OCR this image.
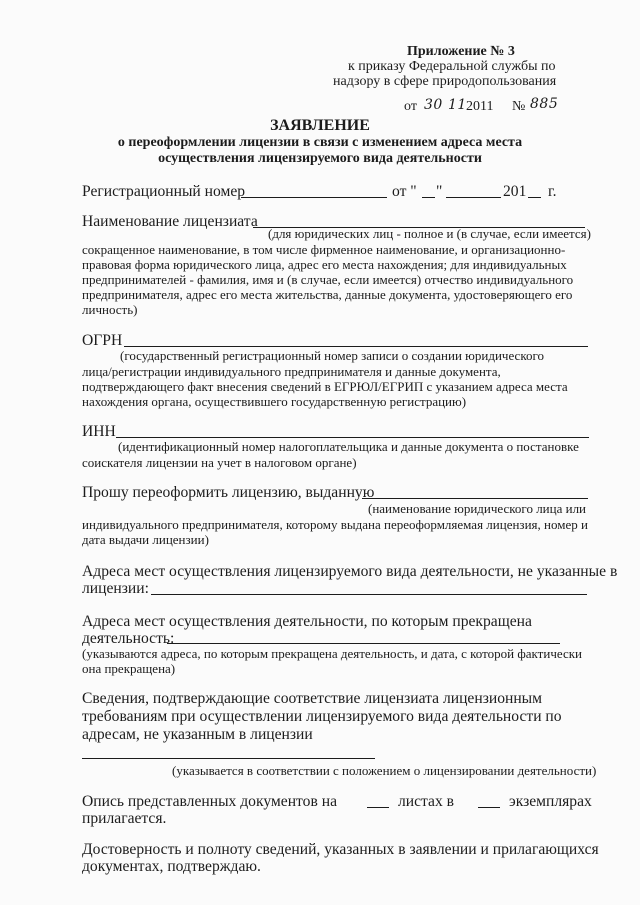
Приложение № 3
к приказу Федеральной службы по
надзору в сфере природопользования
от 30 11 2011 № 885
ЗАЯВЛЕНИЕ
о переоформлении лицензии в связи с изменением адреса места
осуществления лицензируемого вида деятельности
Регистрационный номер	от " "	201 г.
Наименование лицензиата
(для юридических лиц - полное и (в случае, если имеется)
сокращенное наименование, в том числе фирменное наименование, и организационно-
правовая форма юридического лица, адрес его места нахождения; для индивидуальных
предпринимателей - фамилия, имя и (в случае, если имеется) отчество индивидуального
предпринимателя, адрес его места жительства, данные документа, удостоверяющего его
личность)
ОГРН
(государственный регистрационный номер записи о создании юридического
лица/регистрации индивидуального предпринимателя и данные документа,
подтверждающего факт внесения сведений в ЕГРЮЛ/ЕГРИП с указанием адреса места
нахождения органа, осуществившего государственную регистрацию)
ИНН
(идентификационный номер налогоплательщика и данные документа о постановке
соискателя лицензии на учет в налоговом органе)
Прошу переоформить лицензию, выданную
(наименование юридического лица или
индивидуального предпринимателя, которому выдана переоформляемая лицензия, номер и
дата выдачи лицензии)
Адреса мест осуществления лицензируемого вида деятельности, не указанные в
лицензии:
Адреса мест осуществления деятельности, по которым прекращена
деятельность:
(указываются адреса, по которым прекращена деятельность, и дата, с которой фактически
она прекращена)
Сведения, подтверждающие соответствие лицензиата лицензионным
требованиям при осуществлении лицензируемого вида деятельности по
адресам, не указанным в лицензии
(указывается в соответствии с положением о лицензировании деятельности)
Опись представленных документов на	листах в	экземплярах
прилагается.
Достоверность и полноту сведений, указанных в заявлении и прилагающихся
документах, подтверждаю.
